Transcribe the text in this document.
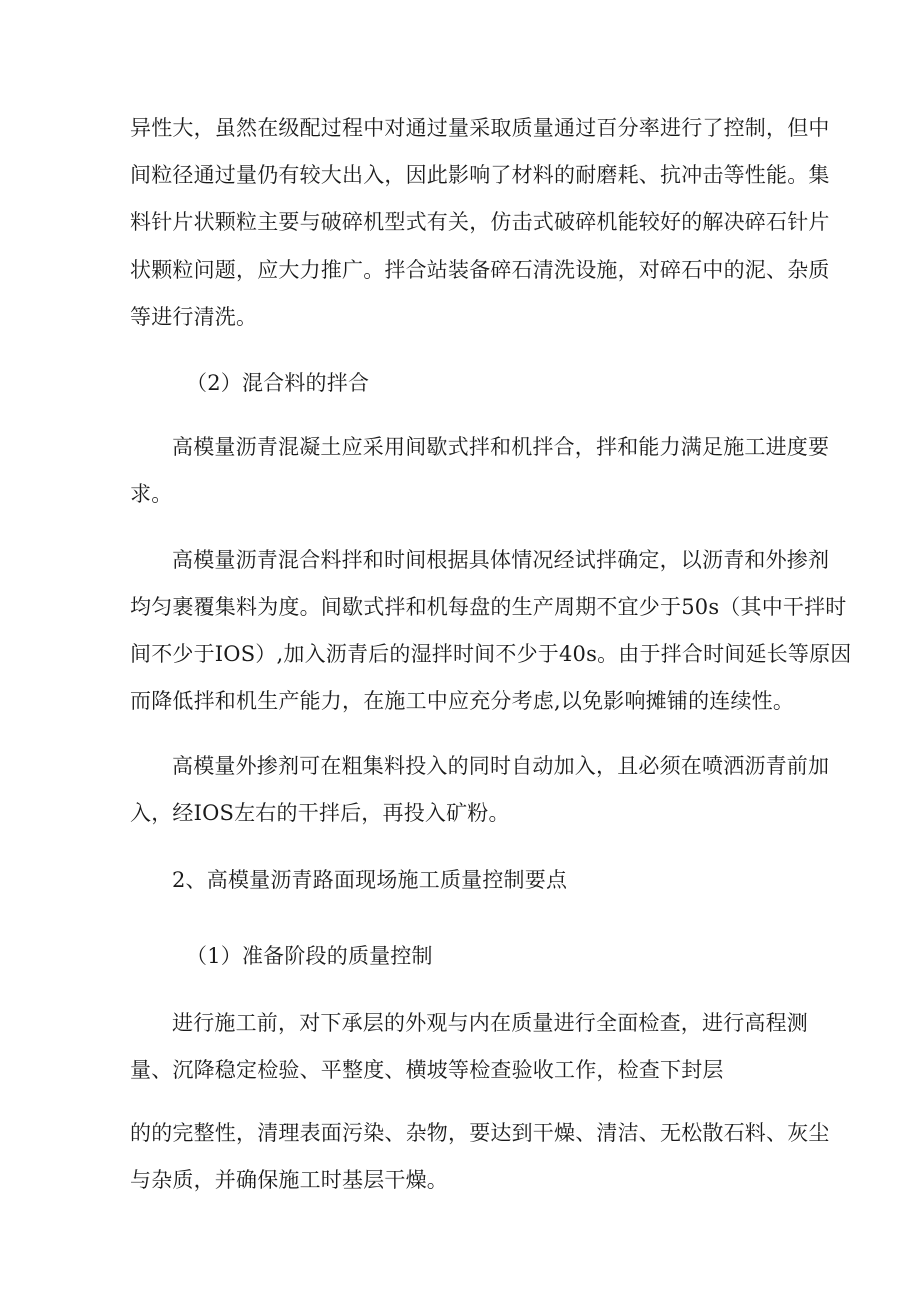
异性大，虽然在级配过程中对通过量采取质量通过百分率进行了控制，但中
间粒径通过量仍有较大出入，因此影响了材料的耐磨耗、抗冲击等性能。集
料针片状颗粒主要与破碎机型式有关，仿击式破碎机能较好的解决碎石针片
状颗粒问题，应大力推广。拌合站装备碎石清洗设施，对碎石中的泥、杂质
等进行清洗。
（2）混合料的拌合
高模量沥青混凝土应采用间歇式拌和机拌合，拌和能力满足施工进度要
求。
高模量沥青混合料拌和时间根据具体情况经试拌确定，以沥青和外掺剂
均匀裹覆集料为度。间歇式拌和机每盘的生产周期不宜少于50s（其中干拌时
间不少于IOS）,加入沥青后的湿拌时间不少于40s。由于拌合时间延长等原因
而降低拌和机生产能力，在施工中应充分考虑,以免影响摊铺的连续性。
高模量外掺剂可在粗集料投入的同时自动加入，且必须在喷洒沥青前加
入，经IOS左右的干拌后，再投入矿粉。
2、高模量沥青路面现场施工质量控制要点
（1）准备阶段的质量控制
进行施工前，对下承层的外观与内在质量进行全面检查，进行高程测
量、沉降稳定检验、平整度、横坡等检查验收工作，检查下封层
的的完整性，清理表面污染、杂物，要达到干燥、清洁、无松散石料、灰尘
与杂质，并确保施工时基层干燥。
